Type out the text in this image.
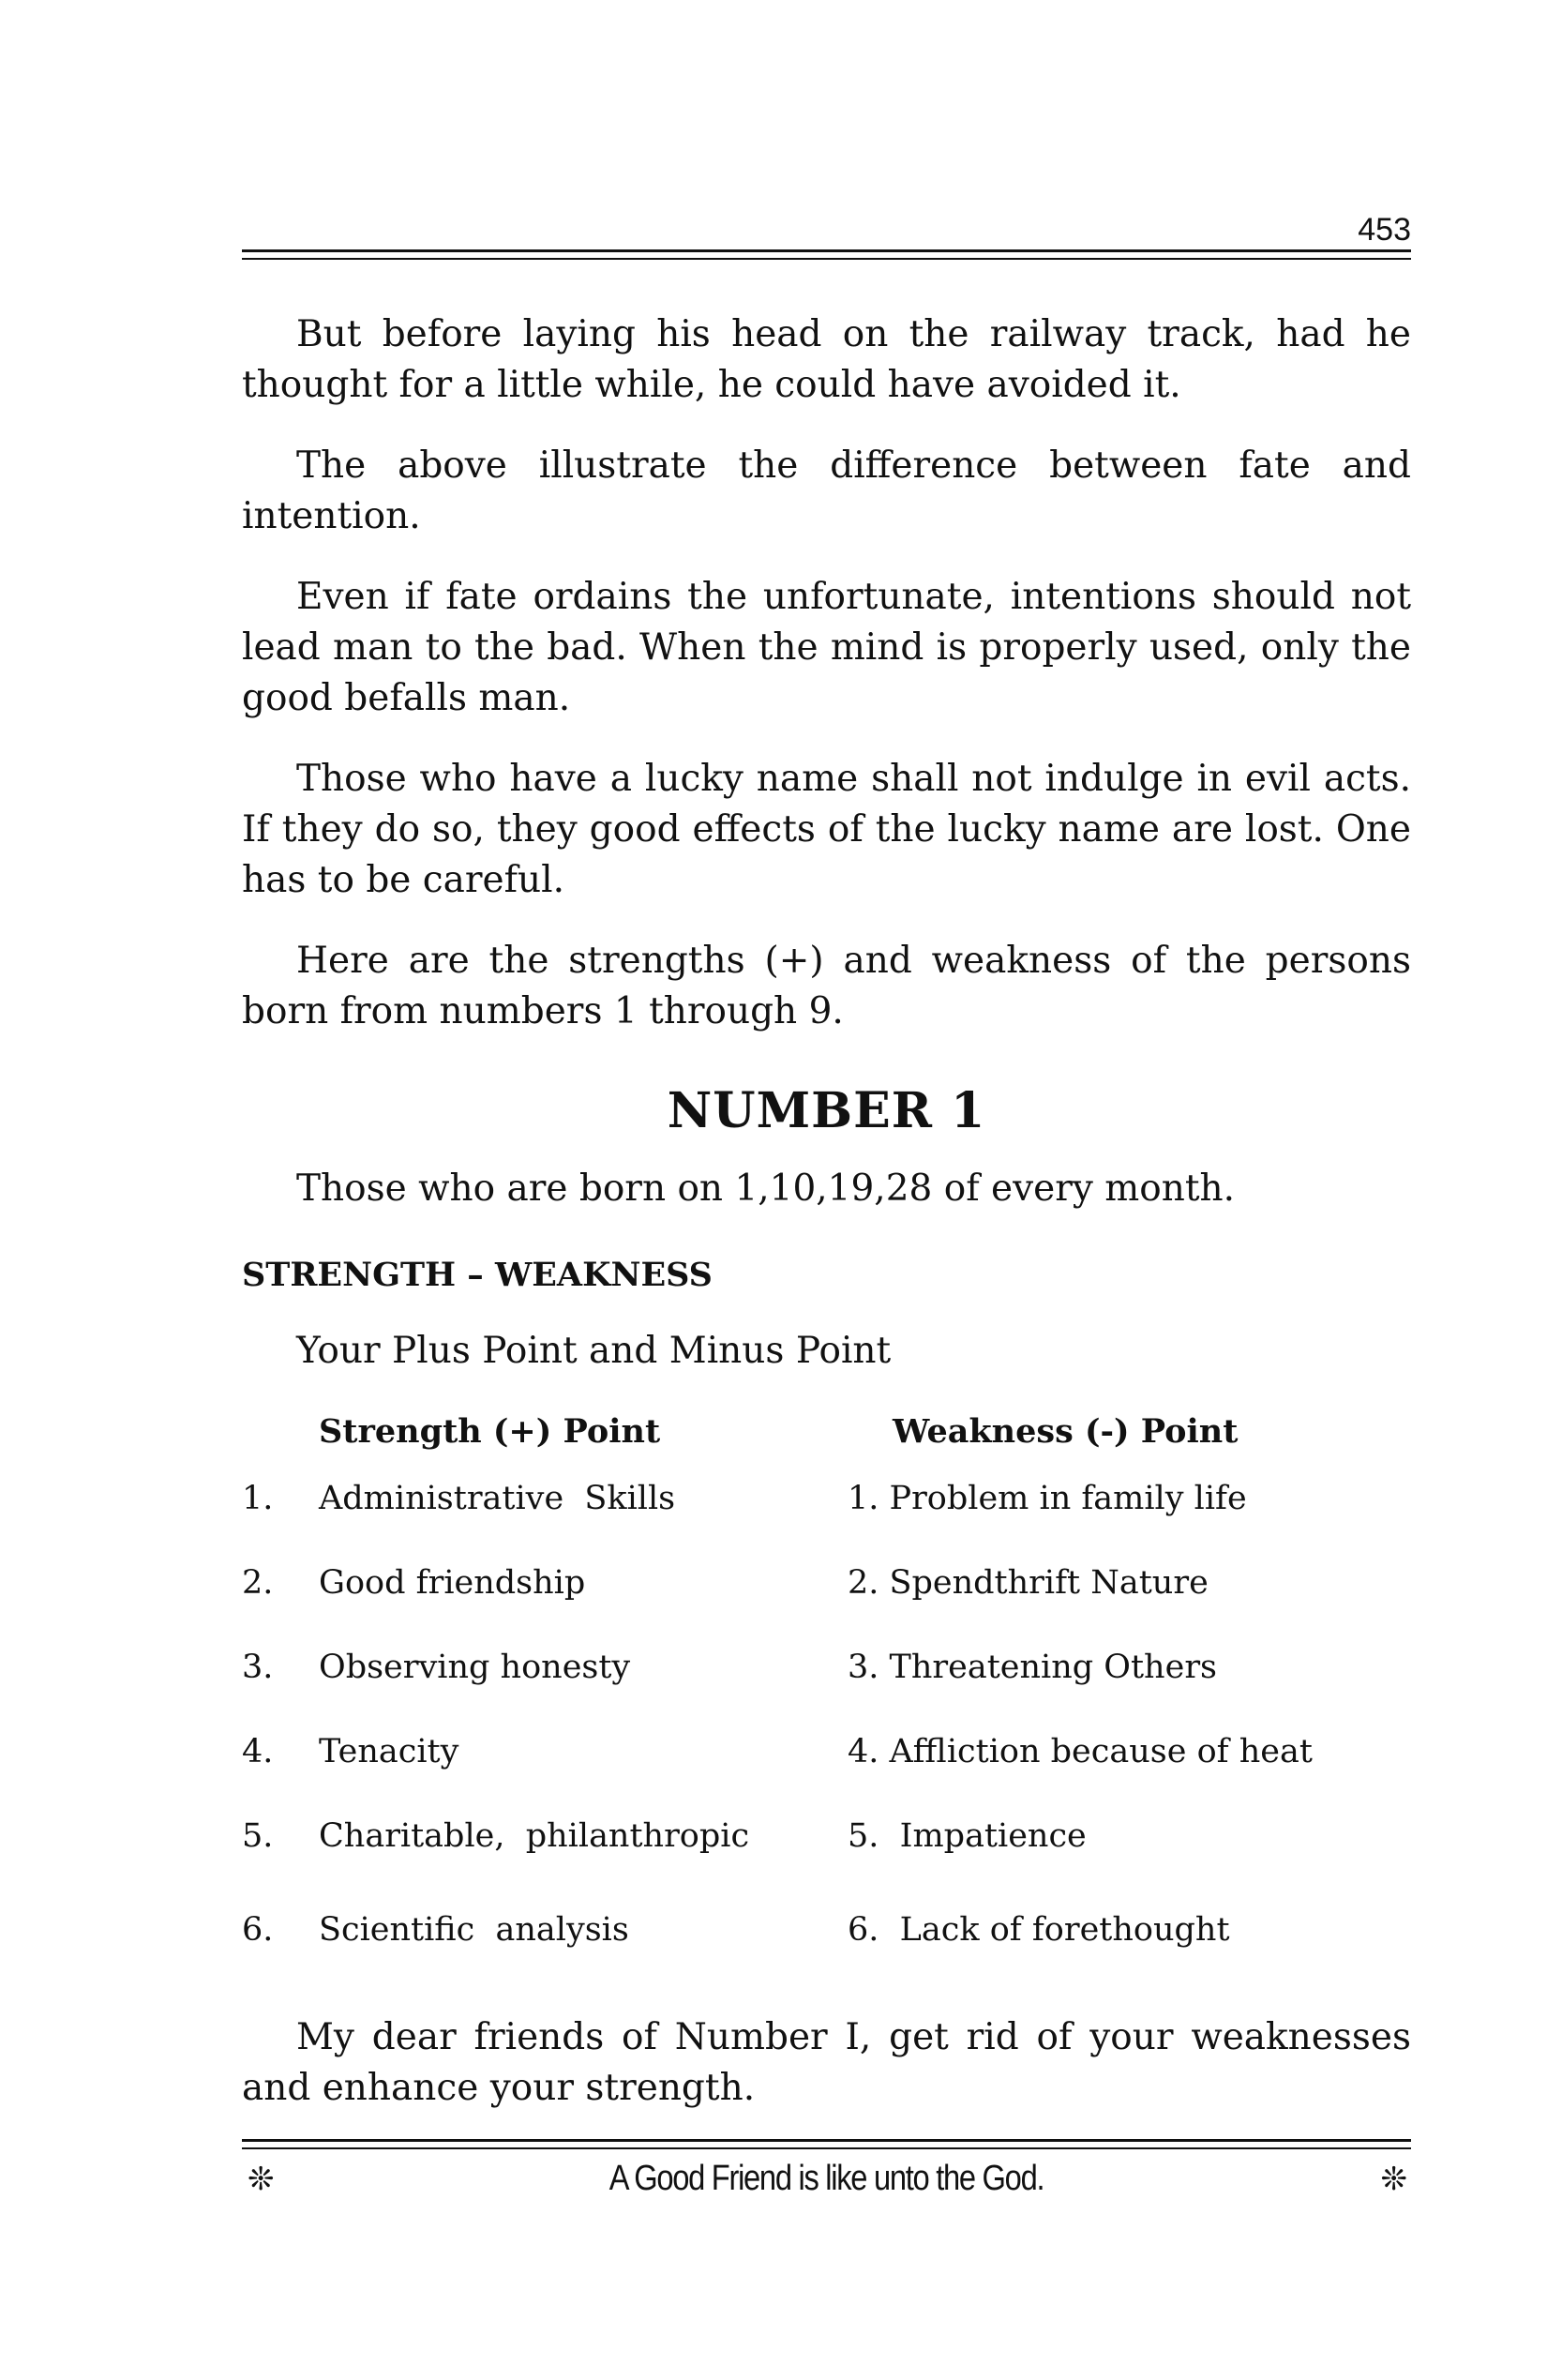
453

But before laying his head on the railway track, had he thought for a little while, he could have avoided it.

The above illustrate the difference between fate and intention.

Even if fate ordains the unfortunate, intentions should not lead man to the bad. When the mind is properly used, only the good befalls man.

Those who have a lucky name shall not indulge in evil acts. If they do so, they good effects of the lucky name are lost. One has to be careful.

Here are the strengths (+) and weakness of the persons born from numbers 1 through 9.

NUMBER 1

Those who are born on 1,10,19,28 of every month.

STRENGTH – WEAKNESS
Your Plus Point and Minus Point
Strength (+) Point	Weakness (-) Point
1. Administrative  Skills	1. Problem in family life
2. Good friendship	2. Spendthrift Nature
3. Observing honesty	3. Threatening Others
4. Tenacity	4. Affliction because of heat
5. Charitable,  philanthropic	5.  Impatience
6. Scientific  analysis	6.  Lack of forethought

My dear friends of Number I, get rid of your weaknesses and enhance your strength.

❊	A Good Friend is like unto the God.	❊
